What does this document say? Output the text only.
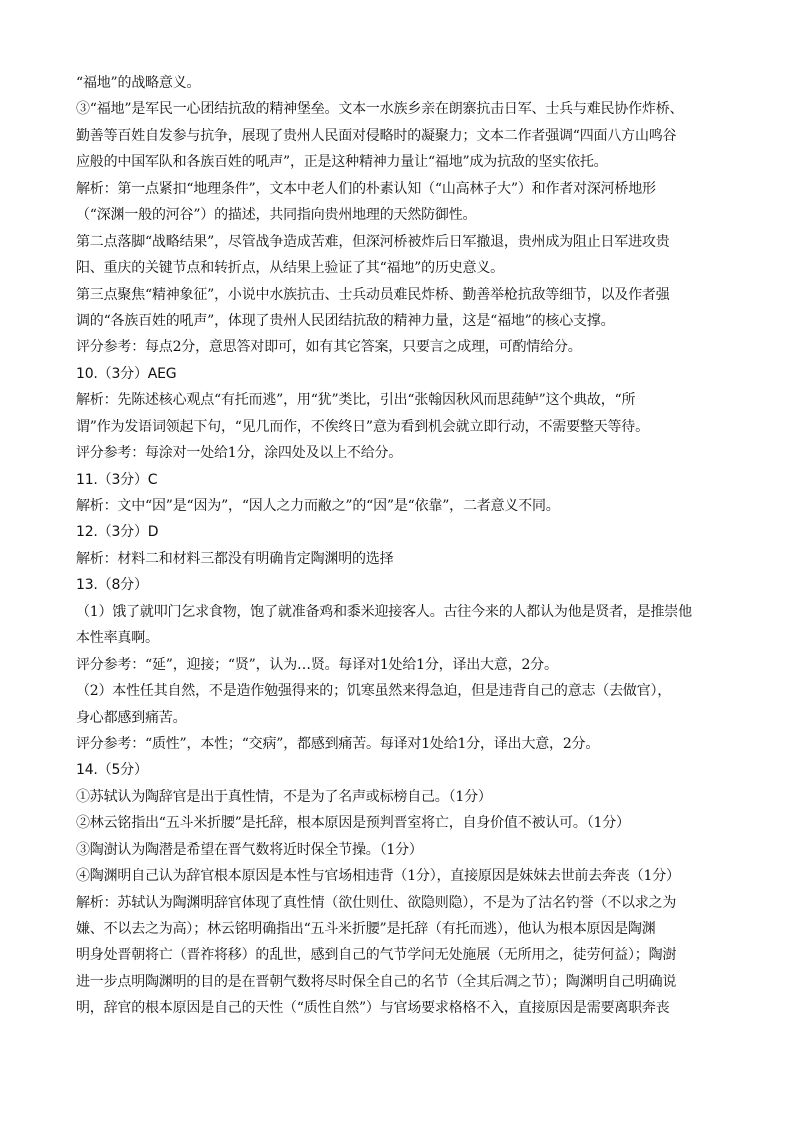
“福地”的战略意义。
③“福地”是军民一心团结抗敌的精神堡垒。文本一水族乡亲在朗寨抗击日军、士兵与难民协作炸桥、
勤善等百姓自发参与抗争，展现了贵州人民面对侵略时的凝聚力；文本二作者强调“四面八方山鸣谷
应般的中国军队和各族百姓的吼声”，正是这种精神力量让“福地”成为抗敌的坚实依托。
解析：第一点紧扣“地理条件”，文本中老人们的朴素认知（“山高林子大”）和作者对深河桥地形
（“深渊一般的河谷”）的描述，共同指向贵州地理的天然防御性。
第二点落脚“战略结果”，尽管战争造成苦难，但深河桥被炸后日军撤退，贵州成为阻止日军进攻贵
阳、重庆的关键节点和转折点，从结果上验证了其“福地”的历史意义。
第三点聚焦“精神象征”，小说中水族抗击、士兵动员难民炸桥、勤善举枪抗敌等细节，以及作者强
调的“各族百姓的吼声”，体现了贵州人民团结抗敌的精神力量，这是“福地”的核心支撑。
评分参考：每点2分，意思答对即可，如有其它答案，只要言之成理，可酌情给分。
10.（3分）AEG
解析：先陈述核心观点“有托而逃”，用“犹”类比，引出“张翰因秋风而思莼鲈”这个典故，“所
谓”作为发语词领起下句，“见几而作，不俟终日”意为看到机会就立即行动，不需要整天等待。
评分参考：每涂对一处给1分，涂四处及以上不给分。
11.（3分）C
解析：文中“因”是“因为”，“因人之力而敝之”的“因”是“依靠”，二者意义不同。
12.（3分）D
解析：材料二和材料三都没有明确肯定陶渊明的选择
13.（8分）
（1）饿了就叩门乞求食物，饱了就准备鸡和黍米迎接客人。古往今来的人都认为他是贤者，是推崇他
本性率真啊。
评分参考：“延”，迎接；“贤”，认为…贤。每译对1处给1分，译出大意，2分。
（2）本性任其自然，不是造作勉强得来的；饥寒虽然来得急迫，但是违背自己的意志（去做官），
身心都感到痛苦。
评分参考：“质性”，本性；“交病”，都感到痛苦。每译对1处给1分，译出大意，2分。
14.（5分）
①苏轼认为陶辞官是出于真性情，不是为了名声或标榜自己。（1分）
②林云铭指出“五斗米折腰”是托辞，根本原因是预判晋室将亡，自身价值不被认可。（1分）
③陶澍认为陶潜是希望在晋气数将近时保全节操。（1分）
④陶渊明自己认为辞官根本原因是本性与官场相违背（1分），直接原因是妹妹去世前去奔丧（1分）
解析：苏轼认为陶渊明辞官体现了真性情（欲仕则仕、欲隐则隐），不是为了沽名钓誉（不以求之为
嫌、不以去之为高）；林云铭明确指出“五斗米折腰”是托辞（有托而逃），他认为根本原因是陶渊
明身处晋朝将亡（晋祚将移）的乱世，感到自己的气节学问无处施展（无所用之，徒劳何益）；陶澍
进一步点明陶渊明的目的是在晋朝气数将尽时保全自己的名节（全其后凋之节）；陶渊明自己明确说
明，辞官的根本原因是自己的天性（“质性自然”）与官场要求格格不入，直接原因是需要离职奔丧
